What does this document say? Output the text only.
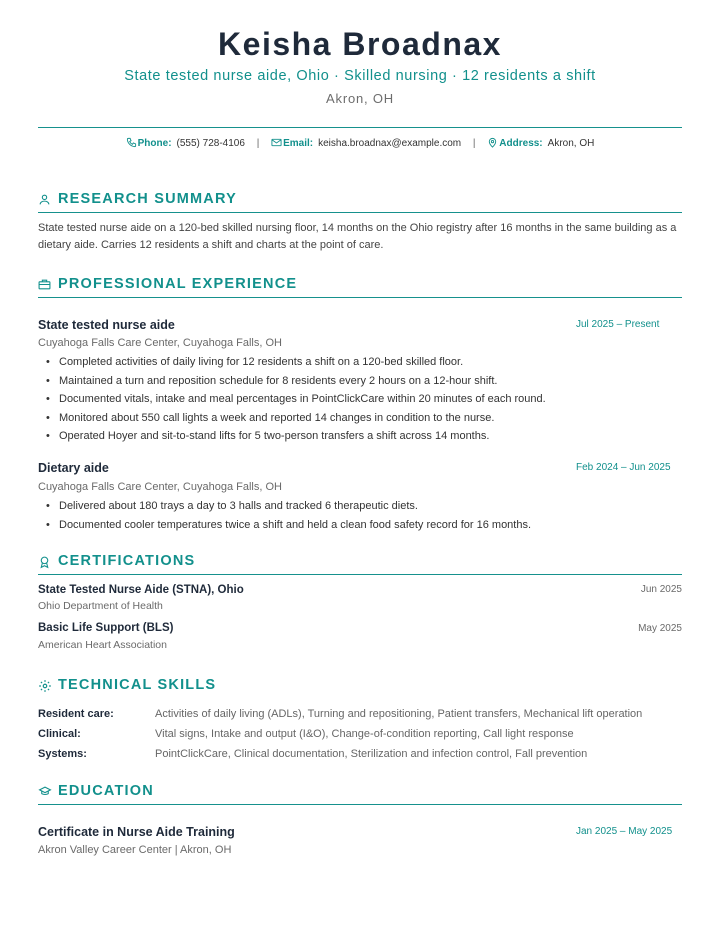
Keisha Broadnax
State tested nurse aide, Ohio · Skilled nursing · 12 residents a shift
Akron, OH
Phone: (555) 728-4106 | Email: keisha.broadnax@example.com | Address: Akron, OH
RESEARCH SUMMARY
State tested nurse aide on a 120-bed skilled nursing floor, 14 months on the Ohio registry after 16 months in the same building as a dietary aide. Carries 12 residents a shift and charts at the point of care.
PROFESSIONAL EXPERIENCE
State tested nurse aide	Jul 2025 – Present
Cuyahoga Falls Care Center, Cuyahoga Falls, OH
• Completed activities of daily living for 12 residents a shift on a 120-bed skilled floor.
• Maintained a turn and reposition schedule for 8 residents every 2 hours on a 12-hour shift.
• Documented vitals, intake and meal percentages in PointClickCare within 20 minutes of each round.
• Monitored about 550 call lights a week and reported 14 changes in condition to the nurse.
• Operated Hoyer and sit-to-stand lifts for 5 two-person transfers a shift across 14 months.
Dietary aide	Feb 2024 – Jun 2025
Cuyahoga Falls Care Center, Cuyahoga Falls, OH
• Delivered about 180 trays a day to 3 halls and tracked 6 therapeutic diets.
• Documented cooler temperatures twice a shift and held a clean food safety record for 16 months.
CERTIFICATIONS
State Tested Nurse Aide (STNA), Ohio	Jun 2025
Ohio Department of Health
Basic Life Support (BLS)	May 2025
American Heart Association
TECHNICAL SKILLS
Resident care:	Activities of daily living (ADLs), Turning and repositioning, Patient transfers, Mechanical lift operation
Clinical:	Vital signs, Intake and output (I&O), Change-of-condition reporting, Call light response
Systems:	PointClickCare, Clinical documentation, Sterilization and infection control, Fall prevention
EDUCATION
Certificate in Nurse Aide Training	Jan 2025 – May 2025
Akron Valley Career Center | Akron, OH
